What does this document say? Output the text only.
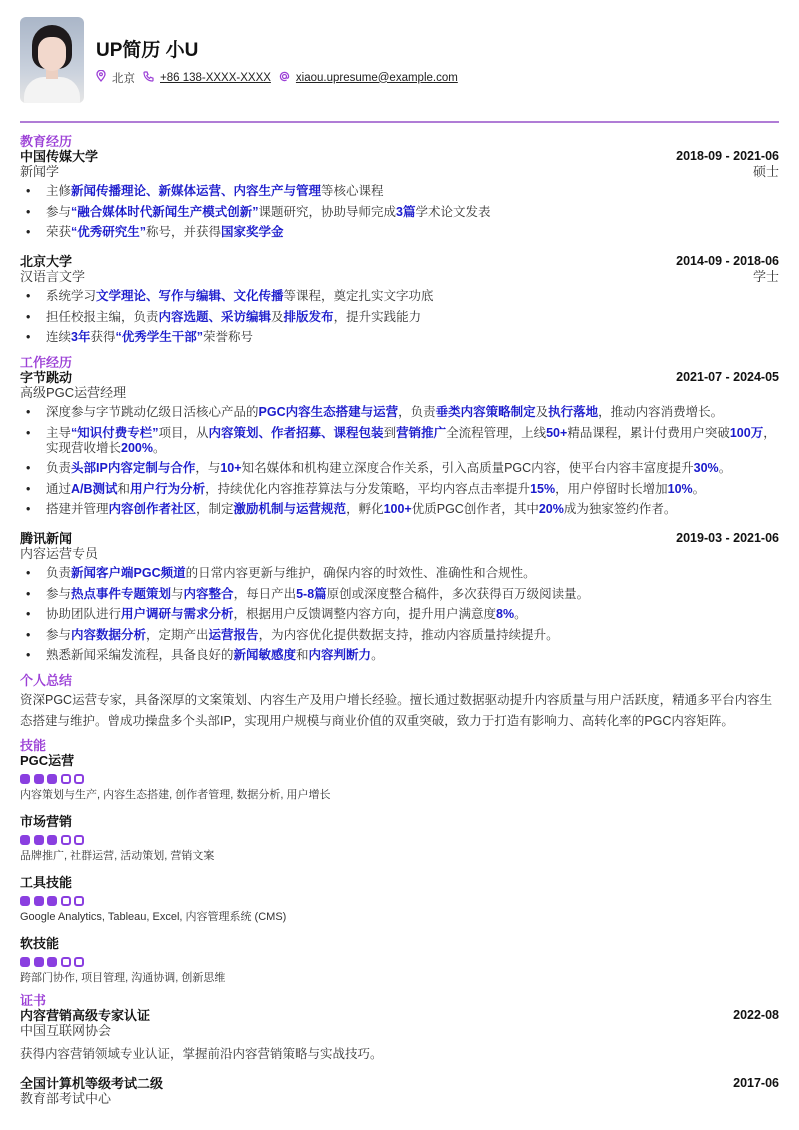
UP简历 小U
北京 +86 138-XXXX-XXXX xiaou.upresume@example.com
教育经历
中国传媒大学	2018-09 - 2021-06
新闻学	硕士
• 主修新闻传播理论、新媒体运营、内容生产与管理等核心课程
• 参与“融合媒体时代新闻生产模式创新”课题研究，协助导师完成3篇学术论文发表
• 荣获“优秀研究生”称号，并获得国家奖学金
北京大学	2014-09 - 2018-06
汉语言文学	学士
• 系统学习文学理论、写作与编辑、文化传播等课程，奠定扎实文字功底
• 担任校报主编，负责内容选题、采访编辑及排版发布，提升实践能力
• 连续3年获得“优秀学生干部”荣誉称号
工作经历
字节跳动	2021-07 - 2024-05
高级PGC运营经理
• 深度参与字节跳动亿级日活核心产品的PGC内容生态搭建与运营，负责垂类内容策略制定及执行落地，推动内容消费增长。
• 主导“知识付费专栏”项目，从内容策划、作者招募、课程包装到营销推广全流程管理，上线50+精品课程，累计付费用户突破100万，实现营收增长200%。
• 负责头部IP内容定制与合作，与10+知名媒体和机构建立深度合作关系，引入高质量PGC内容，使平台内容丰富度提升30%。
• 通过A/B测试和用户行为分析，持续优化内容推荐算法与分发策略，平均内容点击率提升15%，用户停留时长增加10%。
• 搭建并管理内容创作者社区，制定激励机制与运营规范，孵化100+优质PGC创作者，其中20%成为独家签约作者。
腾讯新闻	2019-03 - 2021-06
内容运营专员
• 负责新闻客户端PGC频道的日常内容更新与维护，确保内容的时效性、准确性和合规性。
• 参与热点事件专题策划与内容整合，每日产出5-8篇原创或深度整合稿件，多次获得百万级阅读量。
• 协助团队进行用户调研与需求分析，根据用户反馈调整内容方向，提升用户满意度8%。
• 参与内容数据分析，定期产出运营报告，为内容优化提供数据支持，推动内容质量持续提升。
• 熟悉新闻采编发流程，具备良好的新闻敏感度和内容判断力。
个人总结
资深PGC运营专家，具备深厚的文案策划、内容生产及用户增长经验。擅长通过数据驱动提升内容质量与用户活跃度，精通多平台内容生态搭建与维护。曾成功操盘多个头部IP，实现用户规模与商业价值的双重突破，致力于打造有影响力、高转化率的PGC内容矩阵。
技能
PGC运营
内容策划与生产, 内容生态搭建, 创作者管理, 数据分析, 用户增长
市场营销
品牌推广, 社群运营, 活动策划, 营销文案
工具技能
Google Analytics, Tableau, Excel, 内容管理系统 (CMS)
软技能
跨部门协作, 项目管理, 沟通协调, 创新思维
证书
内容营销高级专家认证	2022-08
中国互联网协会
获得内容营销领域专业认证，掌握前沿内容营销策略与实战技巧。
全国计算机等级考试二级	2017-06
教育部考试中心
